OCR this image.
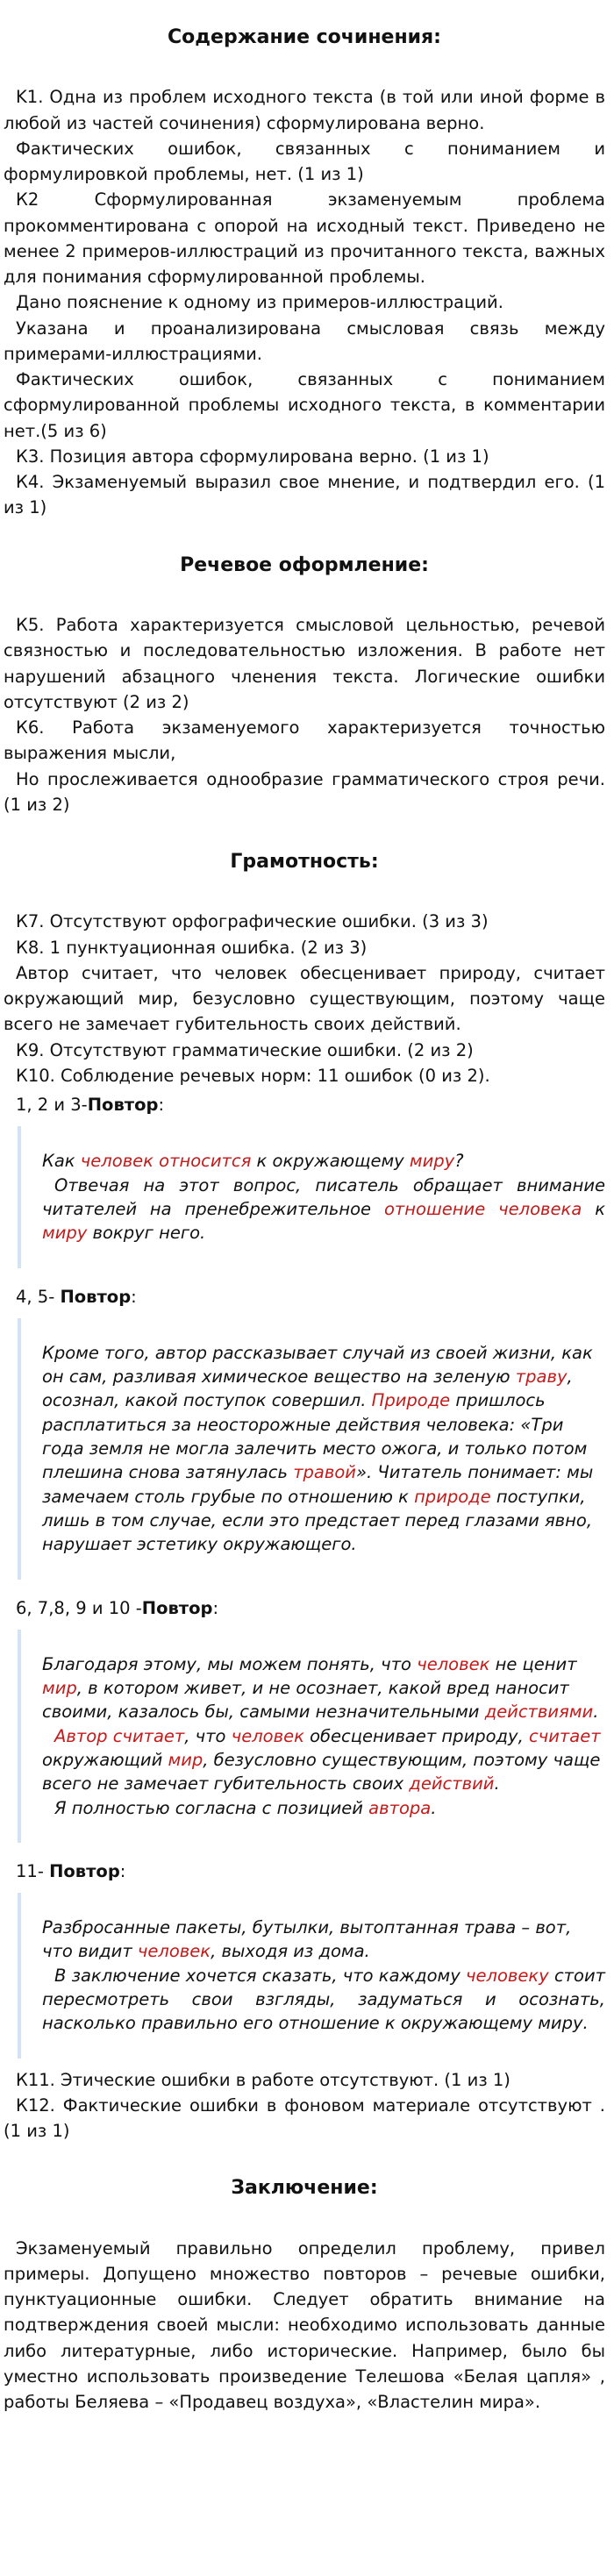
Содержание сочинения:

K1. Одна из проблем исходного текста (в той или иной форме в любой из частей сочинения) сформулирована верно.

Фактических ошибок, связанных с пониманием и формулировкой проблемы, нет. (1 из 1)

К2 Сформулированная экзаменуемым проблема прокомментирована с опорой на исходный текст. Приведено не менее 2 примеров-иллюстраций из прочитанного текста, важных для понимания сформулированной проблемы.

Дано пояснение к одному из примеров-иллюстраций.

Указана и проанализирована смысловая связь между примерами-иллюстрациями.

Фактических ошибок, связанных с пониманием сформулированной проблемы исходного текста, в комментарии нет.(5 из 6)

К3. Позиция автора сформулирована верно. (1 из 1)

К4. Экзаменуемый выразил свое мнение, и подтвердил его. (1 из 1)

Речевое оформление:

К5. Работа характеризуется смысловой цельностью, речевой связностью и последовательностью изложения. В работе нет нарушений абзацного членения текста. Логические ошибки отсутствуют (2 из 2)

К6. Работа экзаменуемого характеризуется точностью выражения мысли,

Но прослеживается однообразие грамматического строя речи.(1 из 2)

Грамотность:

К7. Отсутствуют орфографические ошибки. (3 из 3)

К8. 1 пунктуационная ошибка. (2 из 3)

Автор считает, что человек обесценивает природу, считает окружающий мир, безусловно существующим, поэтому чаще всего не замечает губительность своих действий.

К9. Отсутствуют грамматические ошибки. (2 из 2)

К10. Соблюдение речевых норм: 11 ошибок (0 из 2).

1, 2 и 3-Повтор:

Как человек относится к окружающему миру?

Отвечая на этот вопрос, писатель обращает внимание читателей на пренебрежительное отношение человека к миру вокруг него.

4, 5- Повтор:

Кроме того, автор рассказывает случай из своей жизни, как он сам, разливая химическое вещество на зеленую траву, осознал, какой поступок совершил. Природе пришлось расплатиться за неосторожные действия человека: «Три года земля не могла залечить место ожога, и только потом плешина снова затянулась травой». Читатель понимает: мы замечаем столь грубые по отношению к природе поступки, лишь в том случае, если это предстает перед глазами явно, нарушает эстетику окружающего.

6, 7,8, 9 и 10 -Повтор:

Благодаря этому, мы можем понять, что человек не ценит мир, в котором живет, и не осознает, какой вред наносит своими, казалось бы, самыми незначительными действиями.

Автор считает, что человек обесценивает природу, считает окружающий мир, безусловно существующим, поэтому чаще всего не замечает губительность своих действий.

Я полностью согласна с позицией автора.

11- Повтор:

Разбросанные пакеты, бутылки, вытоптанная трава – вот, что видит человек, выходя из дома.

В заключение хочется сказать, что каждому человеку стоит пересмотреть свои взгляды, задуматься и осознать, насколько правильно его отношение к окружающему миру.

К11. Этические ошибки в работе отсутствуют. (1 из 1)

К12. Фактические ошибки в фоновом материале отсутствуют . (1 из 1)

Заключение:

Экзаменуемый правильно определил проблему, привел примеры. Допущено множество повторов – речевые ошибки, пунктуационные ошибки. Следует обратить внимание на подтверждения своей мысли: необходимо использовать данные либо литературные, либо исторические. Например, было бы уместно использовать произведение Телешова «Белая цапля» , работы Беляева – «Продавец воздуха», «Властелин мира».
